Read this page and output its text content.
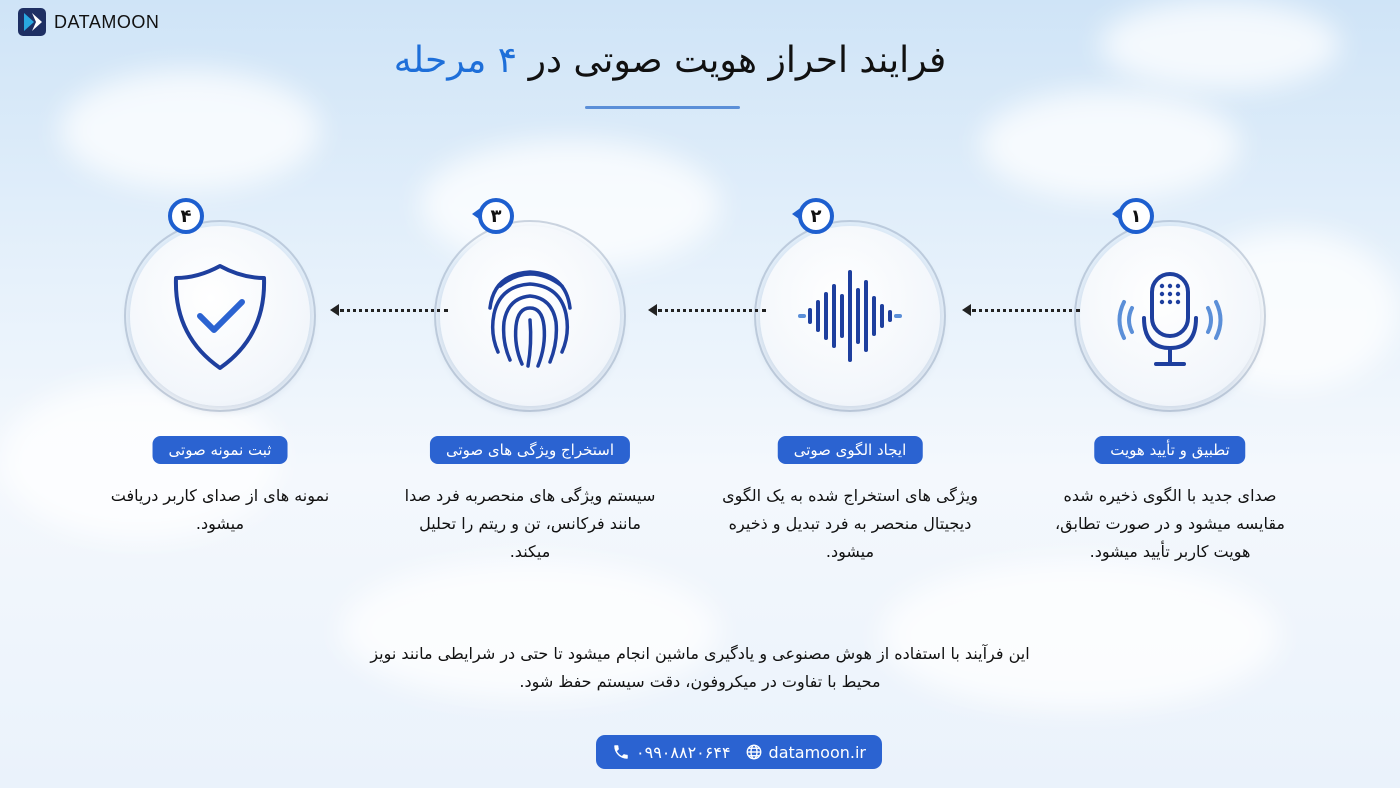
DATAMOON
فرایند احراز هویت صوتی در ۴ مرحله
۱
تطبیق و تأیید هویت
صدای جدید با الگوی ذخیره شده مقایسه میشود و در صورت تطابق، هویت کاربر تأیید میشود.
۲
ایجاد الگوی صوتی
ویژگی های استخراج شده به یک الگوی دیجیتال منحصر به فرد تبدیل و ذخیره میشود.
۳
استخراج ویژگی های صوتی
سیستم ویژگی های منحصربه فرد صدا مانند فرکانس، تن و ریتم را تحلیل میکند.
۴
ثبت نمونه صوتی
نمونه های از صدای کاربر دریافت میشود.
این فرآیند با استفاده از هوش مصنوعی و یادگیری ماشین انجام میشود تا حتی در شرایطی مانند نویز محیط با تفاوت در میکروفون، دقت سیستم حفظ شود.
۰۹۹۰۸۸۲۰۶۴۴ datamoon.ir
